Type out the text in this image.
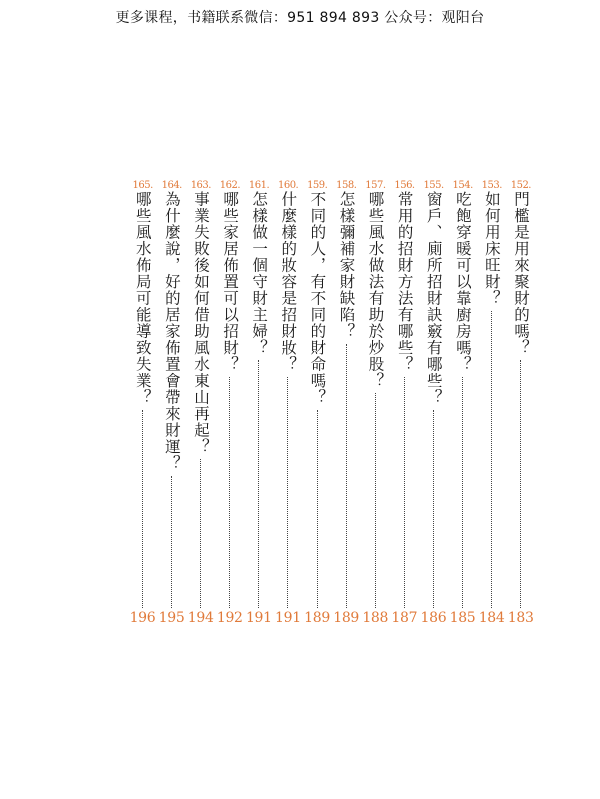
更多课程，书籍联系微信：951 894 893 公众号：观阳台
152.
門檻是用來聚財的嗎？
183
153.
如何用床旺財？
184
154.
吃飽穿暖可以靠廚房嗎？
185
155.
窗戶、廁所招財訣竅有哪些？
186
156.
常用的招財方法有哪些？
187
157.
哪些風水做法有助於炒股？
188
158.
怎樣彌補家財缺陷？
189
159.
不同的人，有不同的財命嗎？
189
160.
什麼樣的妝容是招財妝？
191
161.
怎樣做一個守財主婦？
191
162.
哪些家居佈置可以招財？
192
163.
事業失敗後如何借助風水東山再起？
194
164.
為什麼說，好的居家佈置會帶來財運？
195
165.
哪些風水佈局可能導致失業？
196
